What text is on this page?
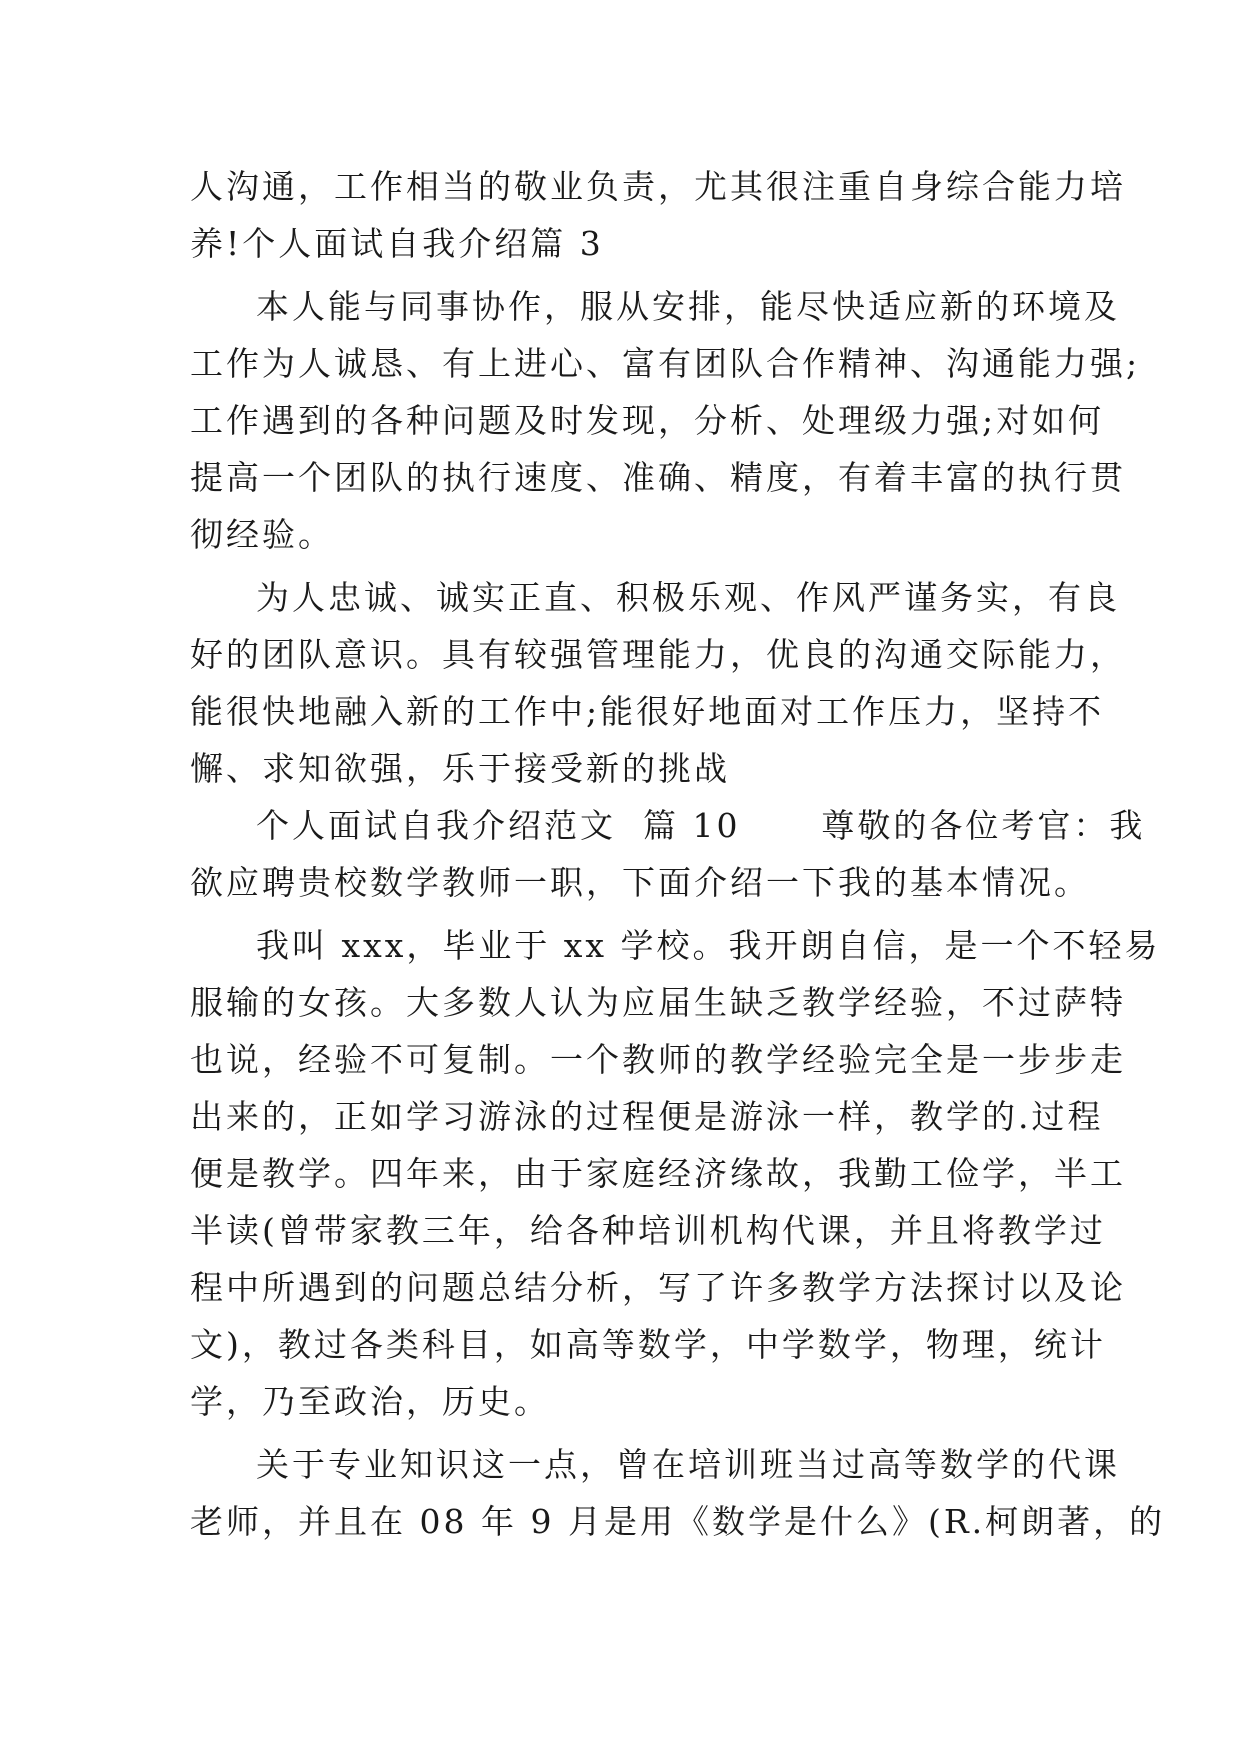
人沟通，工作相当的敬业负责，尤其很注重自身综合能力培
养!个人面试自我介绍篇 3
本人能与同事协作，服从安排，能尽快适应新的环境及
工作为人诚恳、有上进心、富有团队合作精神、沟通能力强;
工作遇到的各种问题及时发现，分析、处理级力强;对如何
提高一个团队的执行速度、准确、精度，有着丰富的执行贯
彻经验。
为人忠诚、诚实正直、积极乐观、作风严谨务实，有良
好的团队意识。具有较强管理能力，优良的沟通交际能力，
能很快地融入新的工作中;能很好地面对工作压力，坚持不
懈、求知欲强，乐于接受新的挑战
个人面试自我介绍范文  篇 10      尊敬的各位考官：我
欲应聘贵校数学教师一职，下面介绍一下我的基本情况。
我叫 xxx，毕业于 xx 学校。我开朗自信，是一个不轻易
服输的女孩。大多数人认为应届生缺乏教学经验，不过萨特
也说，经验不可复制。一个教师的教学经验完全是一步步走
出来的，正如学习游泳的过程便是游泳一样，教学的.过程
便是教学。四年来，由于家庭经济缘故，我勤工俭学，半工
半读(曾带家教三年，给各种培训机构代课，并且将教学过
程中所遇到的问题总结分析，写了许多教学方法探讨以及论
文)，教过各类科目，如高等数学，中学数学，物理，统计
学，乃至政治，历史。
关于专业知识这一点，曾在培训班当过高等数学的代课
老师，并且在 08 年 9 月是用《数学是什么》(R.柯朗著，的
